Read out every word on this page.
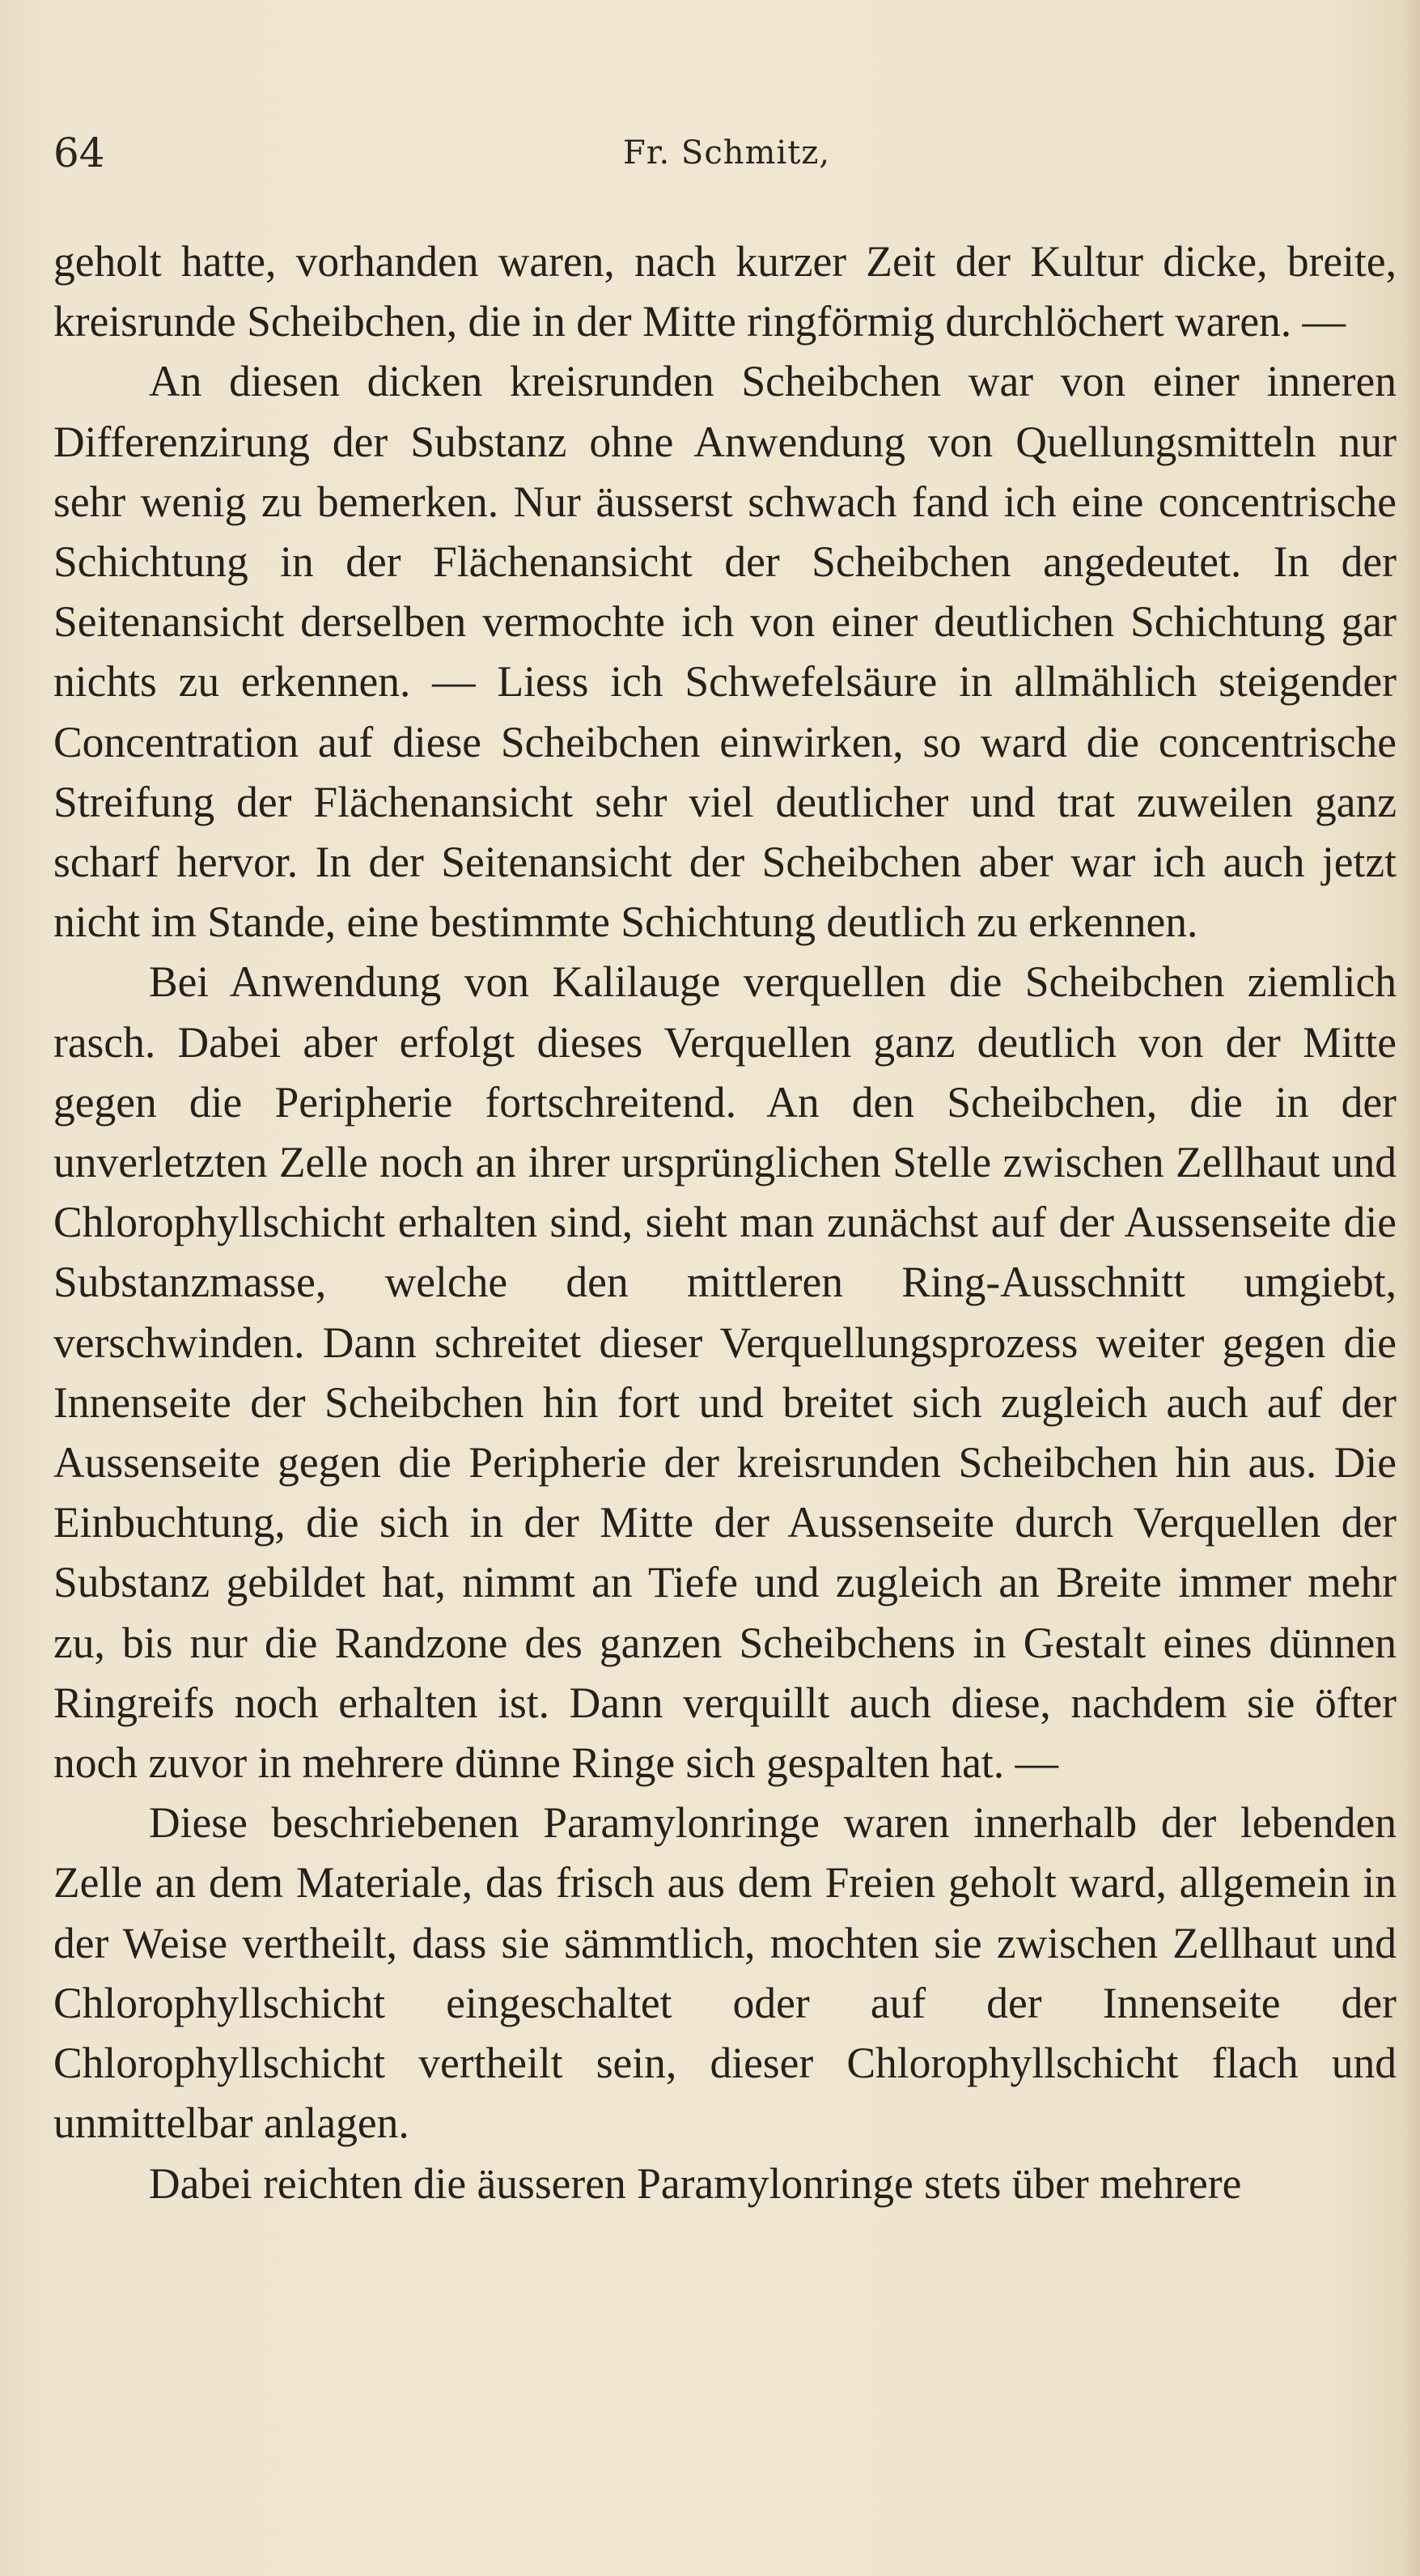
64	Fr. Schmitz,

geholt hatte, vorhanden waren, nach kurzer Zeit der Kultur dicke, breite, kreisrunde Scheibchen, die in der Mitte ringförmig durchlöchert waren. —

An diesen dicken kreisrunden Scheibchen war von einer inneren Differenzirung der Substanz ohne Anwendung von Quellungsmitteln nur sehr wenig zu bemerken. Nur äusserst schwach fand ich eine concentrische Schichtung in der Flächenansicht der Scheibchen angedeutet. In der Seitenansicht derselben vermochte ich von einer deutlichen Schichtung gar nichts zu erkennen. — Liess ich Schwefelsäure in allmählich steigender Concentration auf diese Scheibchen einwirken, so ward die concentrische Streifung der Flächenansicht sehr viel deutlicher und trat zuweilen ganz scharf hervor. In der Seitenansicht der Scheibchen aber war ich auch jetzt nicht im Stande, eine bestimmte Schichtung deutlich zu erkennen.

Bei Anwendung von Kalilauge verquellen die Scheibchen ziemlich rasch. Dabei aber erfolgt dieses Verquellen ganz deutlich von der Mitte gegen die Peripherie fortschreitend. An den Scheibchen, die in der unverletzten Zelle noch an ihrer ursprünglichen Stelle zwischen Zellhaut und Chlorophyllschicht erhalten sind, sieht man zunächst auf der Aussenseite die Substanzmasse, welche den mittleren Ring-Ausschnitt umgiebt, verschwinden. Dann schreitet dieser Verquellungsprozess weiter gegen die Innenseite der Scheibchen hin fort und breitet sich zugleich auch auf der Aussenseite gegen die Peripherie der kreisrunden Scheibchen hin aus. Die Einbuchtung, die sich in der Mitte der Aussenseite durch Verquellen der Substanz gebildet hat, nimmt an Tiefe und zugleich an Breite immer mehr zu, bis nur die Randzone des ganzen Scheibchens in Gestalt eines dünnen Ringreifs noch erhalten ist. Dann verquillt auch diese, nachdem sie öfter noch zuvor in mehrere dünne Ringe sich gespalten hat. —

Diese beschriebenen Paramylonringe waren innerhalb der lebenden Zelle an dem Materiale, das frisch aus dem Freien geholt ward, allgemein in der Weise vertheilt, dass sie sämmtlich, mochten sie zwischen Zellhaut und Chlorophyllschicht eingeschaltet oder auf der Innenseite der Chlorophyllschicht vertheilt sein, dieser Chlorophyllschicht flach und unmittelbar anlagen.

Dabei reichten die äusseren Paramylonringe stets über mehrere
